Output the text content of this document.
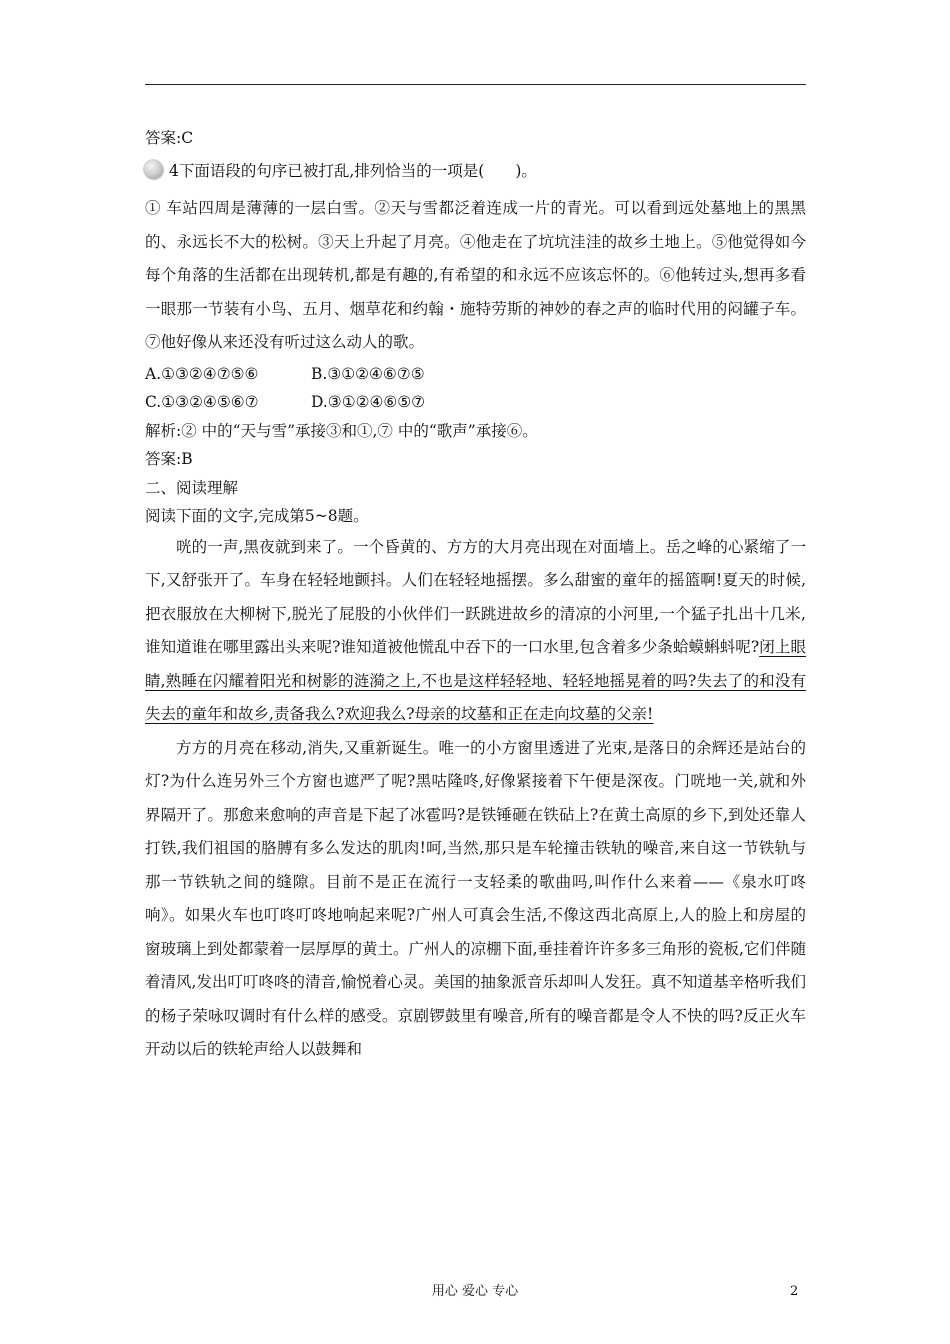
答案:C
4下面语段的句序已被打乱,排列恰当的一项是(　　)。
① 车站四周是薄薄的一层白雪。②天与雪都泛着连成一片的青光。可以看到远处墓地上的黑黑的、永远长不大的松树。③天上升起了月亮。④他走在了坑坑洼洼的故乡土地上。⑤他觉得如今每个角落的生活都在出现转机,都是有趣的,有希望的和永远不应该忘怀的。⑥他转过头,想再多看一眼那一节装有小鸟、五月、烟草花和约翰・施特劳斯的神妙的春之声的临时代用的闷罐子车。⑦他好像从来还没有听过这么动人的歌。
A.①③②④⑦⑤⑥	B.③①②④⑥⑦⑤
C.①③②④⑤⑥⑦	D.③①②④⑥⑤⑦
解析:② 中的“天与雪”承接③和①,⑦ 中的“歌声”承接⑥。
答案:B
二、阅读理解
阅读下面的文字,完成第5~8题。
咣的一声,黑夜就到来了。一个昏黄的、方方的大月亮出现在对面墙上。岳之峰的心紧缩了一下,又舒张开了。车身在轻轻地颤抖。人们在轻轻地摇摆。多么甜蜜的童年的摇篮啊!夏天的时候,把衣服放在大柳树下,脱光了屁股的小伙伴们一跃跳进故乡的清凉的小河里,一个猛子扎出十几米,谁知道谁在哪里露出头来呢?谁知道被他慌乱中吞下的一口水里,包含着多少条蛤蟆蝌蚪呢?闭上眼睛,熟睡在闪耀着阳光和树影的涟漪之上,不也是这样轻轻地、轻轻地摇晃着的吗?失去了的和没有失去的童年和故乡,责备我么?欢迎我么?母亲的坟墓和正在走向坟墓的父亲!
方方的月亮在移动,消失,又重新诞生。唯一的小方窗里透进了光束,是落日的余辉还是站台的灯?为什么连另外三个方窗也遮严了呢?黑咕隆咚,好像紧接着下午便是深夜。门咣地一关,就和外界隔开了。那愈来愈响的声音是下起了冰雹吗?是铁锤砸在铁砧上?在黄土高原的乡下,到处还靠人打铁,我们祖国的胳膊有多么发达的肌肉!呵,当然,那只是车轮撞击铁轨的噪音,来自这一节铁轨与那一节铁轨之间的缝隙。目前不是正在流行一支轻柔的歌曲吗,叫作什么来着——《泉水叮咚响》。如果火车也叮咚叮咚地响起来呢?广州人可真会生活,不像这西北高原上,人的脸上和房屋的窗玻璃上到处都蒙着一层厚厚的黄土。广州人的凉棚下面,垂挂着许许多多三角形的瓷板,它们伴随着清风,发出叮叮咚咚的清音,愉悦着心灵。美国的抽象派音乐却叫人发狂。真不知道基辛格听我们的杨子荣咏叹调时有什么样的感受。京剧锣鼓里有噪音,所有的噪音都是令人不快的吗?反正火车开动以后的铁轮声给人以鼓舞和
用心 爱心 专心	2
